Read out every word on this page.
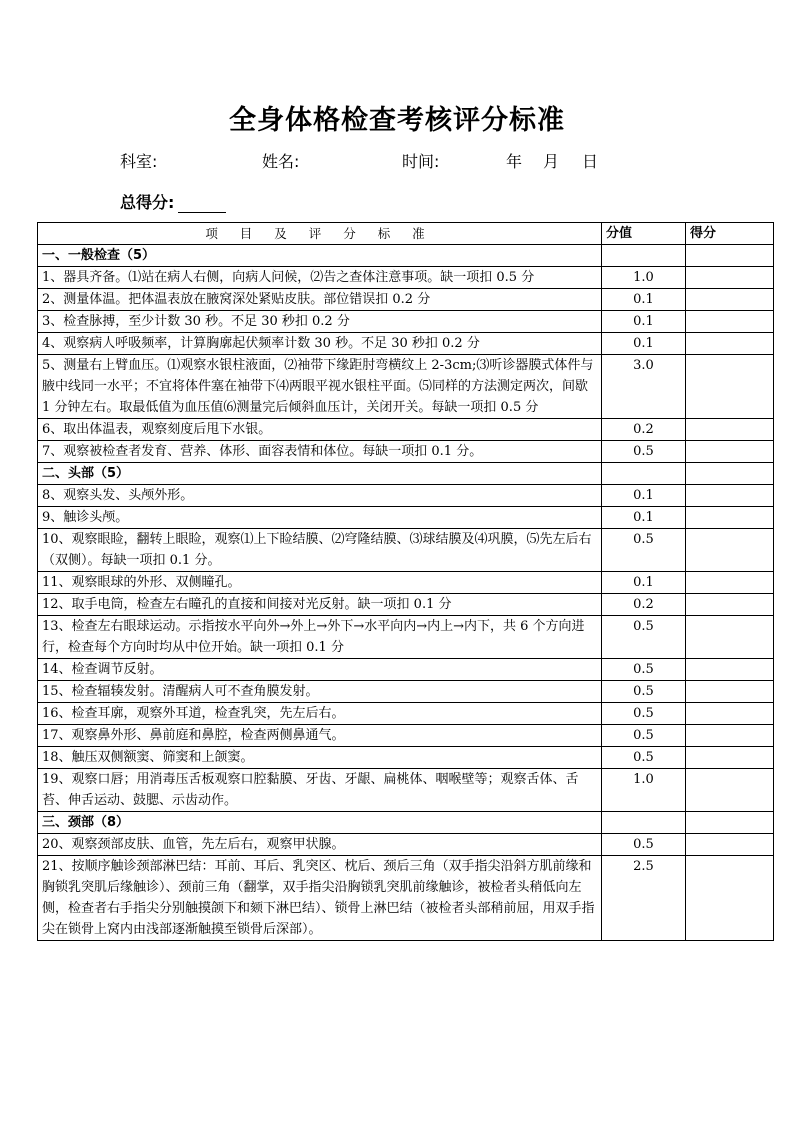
全身体格检查考核评分标准
科室:	姓名:	时间:	年 月 日
总得分:
项 目 及 评 分 标 准	分值	得分
一、一般检查（5）		
1、器具齐备。⑴站在病人右侧，向病人问候，⑵告之查体注意事项。缺一项扣 0.5 分	1.0	
2、测量体温。把体温表放在腋窝深处紧贴皮肤。部位错误扣 0.2 分	0.1	
3、检查脉搏，至少计数 30 秒。不足 30 秒扣 0.2 分	0.1	
4、观察病人呼吸频率，计算胸廓起伏频率计数 30 秒。不足 30 秒扣 0.2 分	0.1	
5、测量右上臂血压。⑴观察水银柱液面，⑵袖带下缘距肘弯横纹上 2-3cm;⑶听诊器膜式体件与腋中线同一水平；不宜将体件塞在袖带下⑷两眼平视水银柱平面。⑸同样的方法测定两次，间歇 1 分钟左右。取最低值为血压值⑹测量完后倾斜血压计，关闭开关。每缺一项扣 0.5 分	3.0	
6、取出体温表，观察刻度后甩下水银。	0.2	
7、观察被检查者发育、营养、体形、面容表情和体位。每缺一项扣 0.1 分。	0.5	
二、头部（5）		
8、观察头发、头颅外形。	0.1	
9、触诊头颅。	0.1	
10、观察眼睑，翻转上眼睑，观察⑴上下睑结膜、⑵穹隆结膜、⑶球结膜及⑷巩膜，⑸先左后右（双侧）。每缺一项扣 0.1 分。	0.5	
11、观察眼球的外形、双侧瞳孔。	0.1	
12、取手电筒，检查左右瞳孔的直接和间接对光反射。缺一项扣 0.1 分	0.2	
13、检查左右眼球运动。示指按水平向外→外上→外下→水平向内→内上→内下，共 6 个方向进行，检查每个方向时均从中位开始。缺一项扣 0.1 分	0.5	
14、检查调节反射。	0.5	
15、检查辐辏发射。清醒病人可不查角膜发射。	0.5	
16、检查耳廓，观察外耳道，检查乳突，先左后右。	0.5	
17、观察鼻外形、鼻前庭和鼻腔，检查两侧鼻通气。	0.5	
18、触压双侧额窦、筛窦和上颌窦。	0.5	
19、观察口唇；用消毒压舌板观察口腔黏膜、牙齿、牙龈、扁桃体、咽喉壁等；观察舌体、舌苔、伸舌运动、鼓腮、示齿动作。	1.0	
三、颈部（8）		
20、观察颈部皮肤、血管，先左后右，观察甲状腺。	0.5	
21、按顺序触诊颈部淋巴结：耳前、耳后、乳突区、枕后、颈后三角（双手指尖沿斜方肌前缘和胸锁乳突肌后缘触诊）、颈前三角（翻掌，双手指尖沿胸锁乳突肌前缘触诊，被检者头稍低向左侧，检查者右手指尖分别触摸颌下和颏下淋巴结）、锁骨上淋巴结（被检者头部稍前屈，用双手指尖在锁骨上窝内由浅部逐渐触摸至锁骨后深部）。	2.5	
